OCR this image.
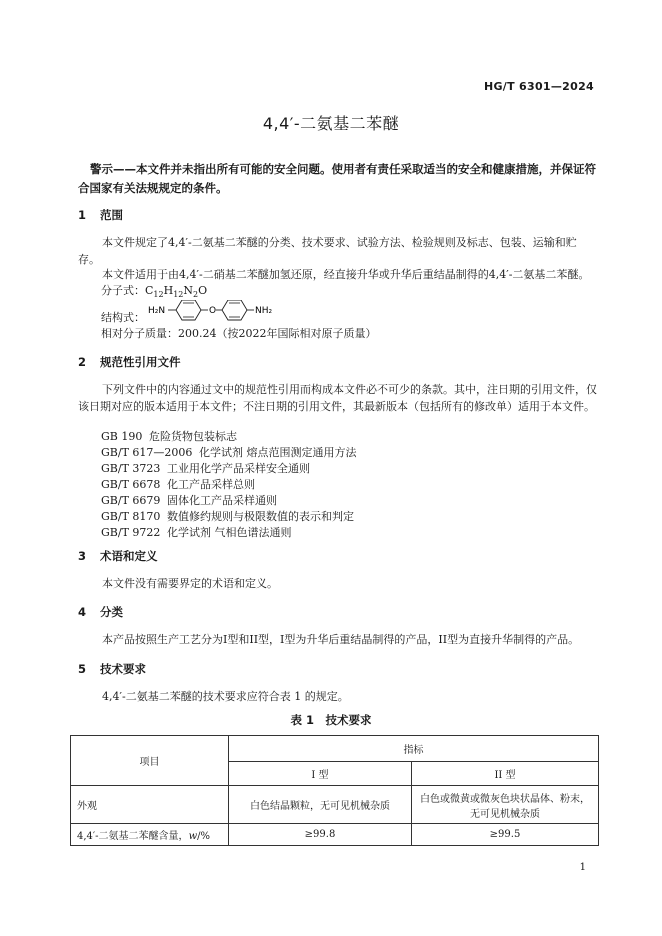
HG/T 6301—2024
4,4′-二氨基二苯醚
警示——本文件并未指出所有可能的安全问题。使用者有责任采取适当的安全和健康措施，并保证符合国家有关法规规定的条件。
1 范围
本文件规定了4,4′-二氨基二苯醚的分类、技术要求、试验方法、检验规则及标志、包装、运输和贮存。
本文件适用于由4,4′-二硝基二苯醚加氢还原，经直接升华或升华后重结晶制得的4,4′-二氨基二苯醚。
分子式：$C_{12}H_{12}N_2O$
H₂N	O	NH₂
结构式：
相对分子质量：200.24（按2022年国际相对原子质量）
2 规范性引用文件
下列文件中的内容通过文中的规范性引用而构成本文件必不可少的条款。其中，注日期的引用文件，仅该日期对应的版本适用于本文件；不注日期的引用文件，其最新版本（包括所有的修改单）适用于本文件。
GB 190 危险货物包装标志
GB/T 617—2006 化学试剂 熔点范围测定通用方法
GB/T 3723 工业用化学产品采样安全通则
GB/T 6678 化工产品采样总则
GB/T 6679 固体化工产品采样通则
GB/T 8170 数值修约规则与极限数值的表示和判定
GB/T 9722 化学试剂 气相色谱法通则
3 术语和定义
本文件没有需要界定的术语和定义。
4 分类
本产品按照生产工艺分为I型和II型，I型为升华后重结晶制得的产品，II型为直接升华制得的产品。
5 技术要求
4,4′-二氨基二苯醚的技术要求应符合表 1 的规定。
表 1　技术要求
项目	指标	
	I 型	II 型
外观	白色结晶颗粒，无可见机械杂质	白色或微黄或微灰色块状晶体、粉末，无可见机械杂质
4,4′-二氨基二苯醚含量，w/%	≥99.8	≥99.5
1
